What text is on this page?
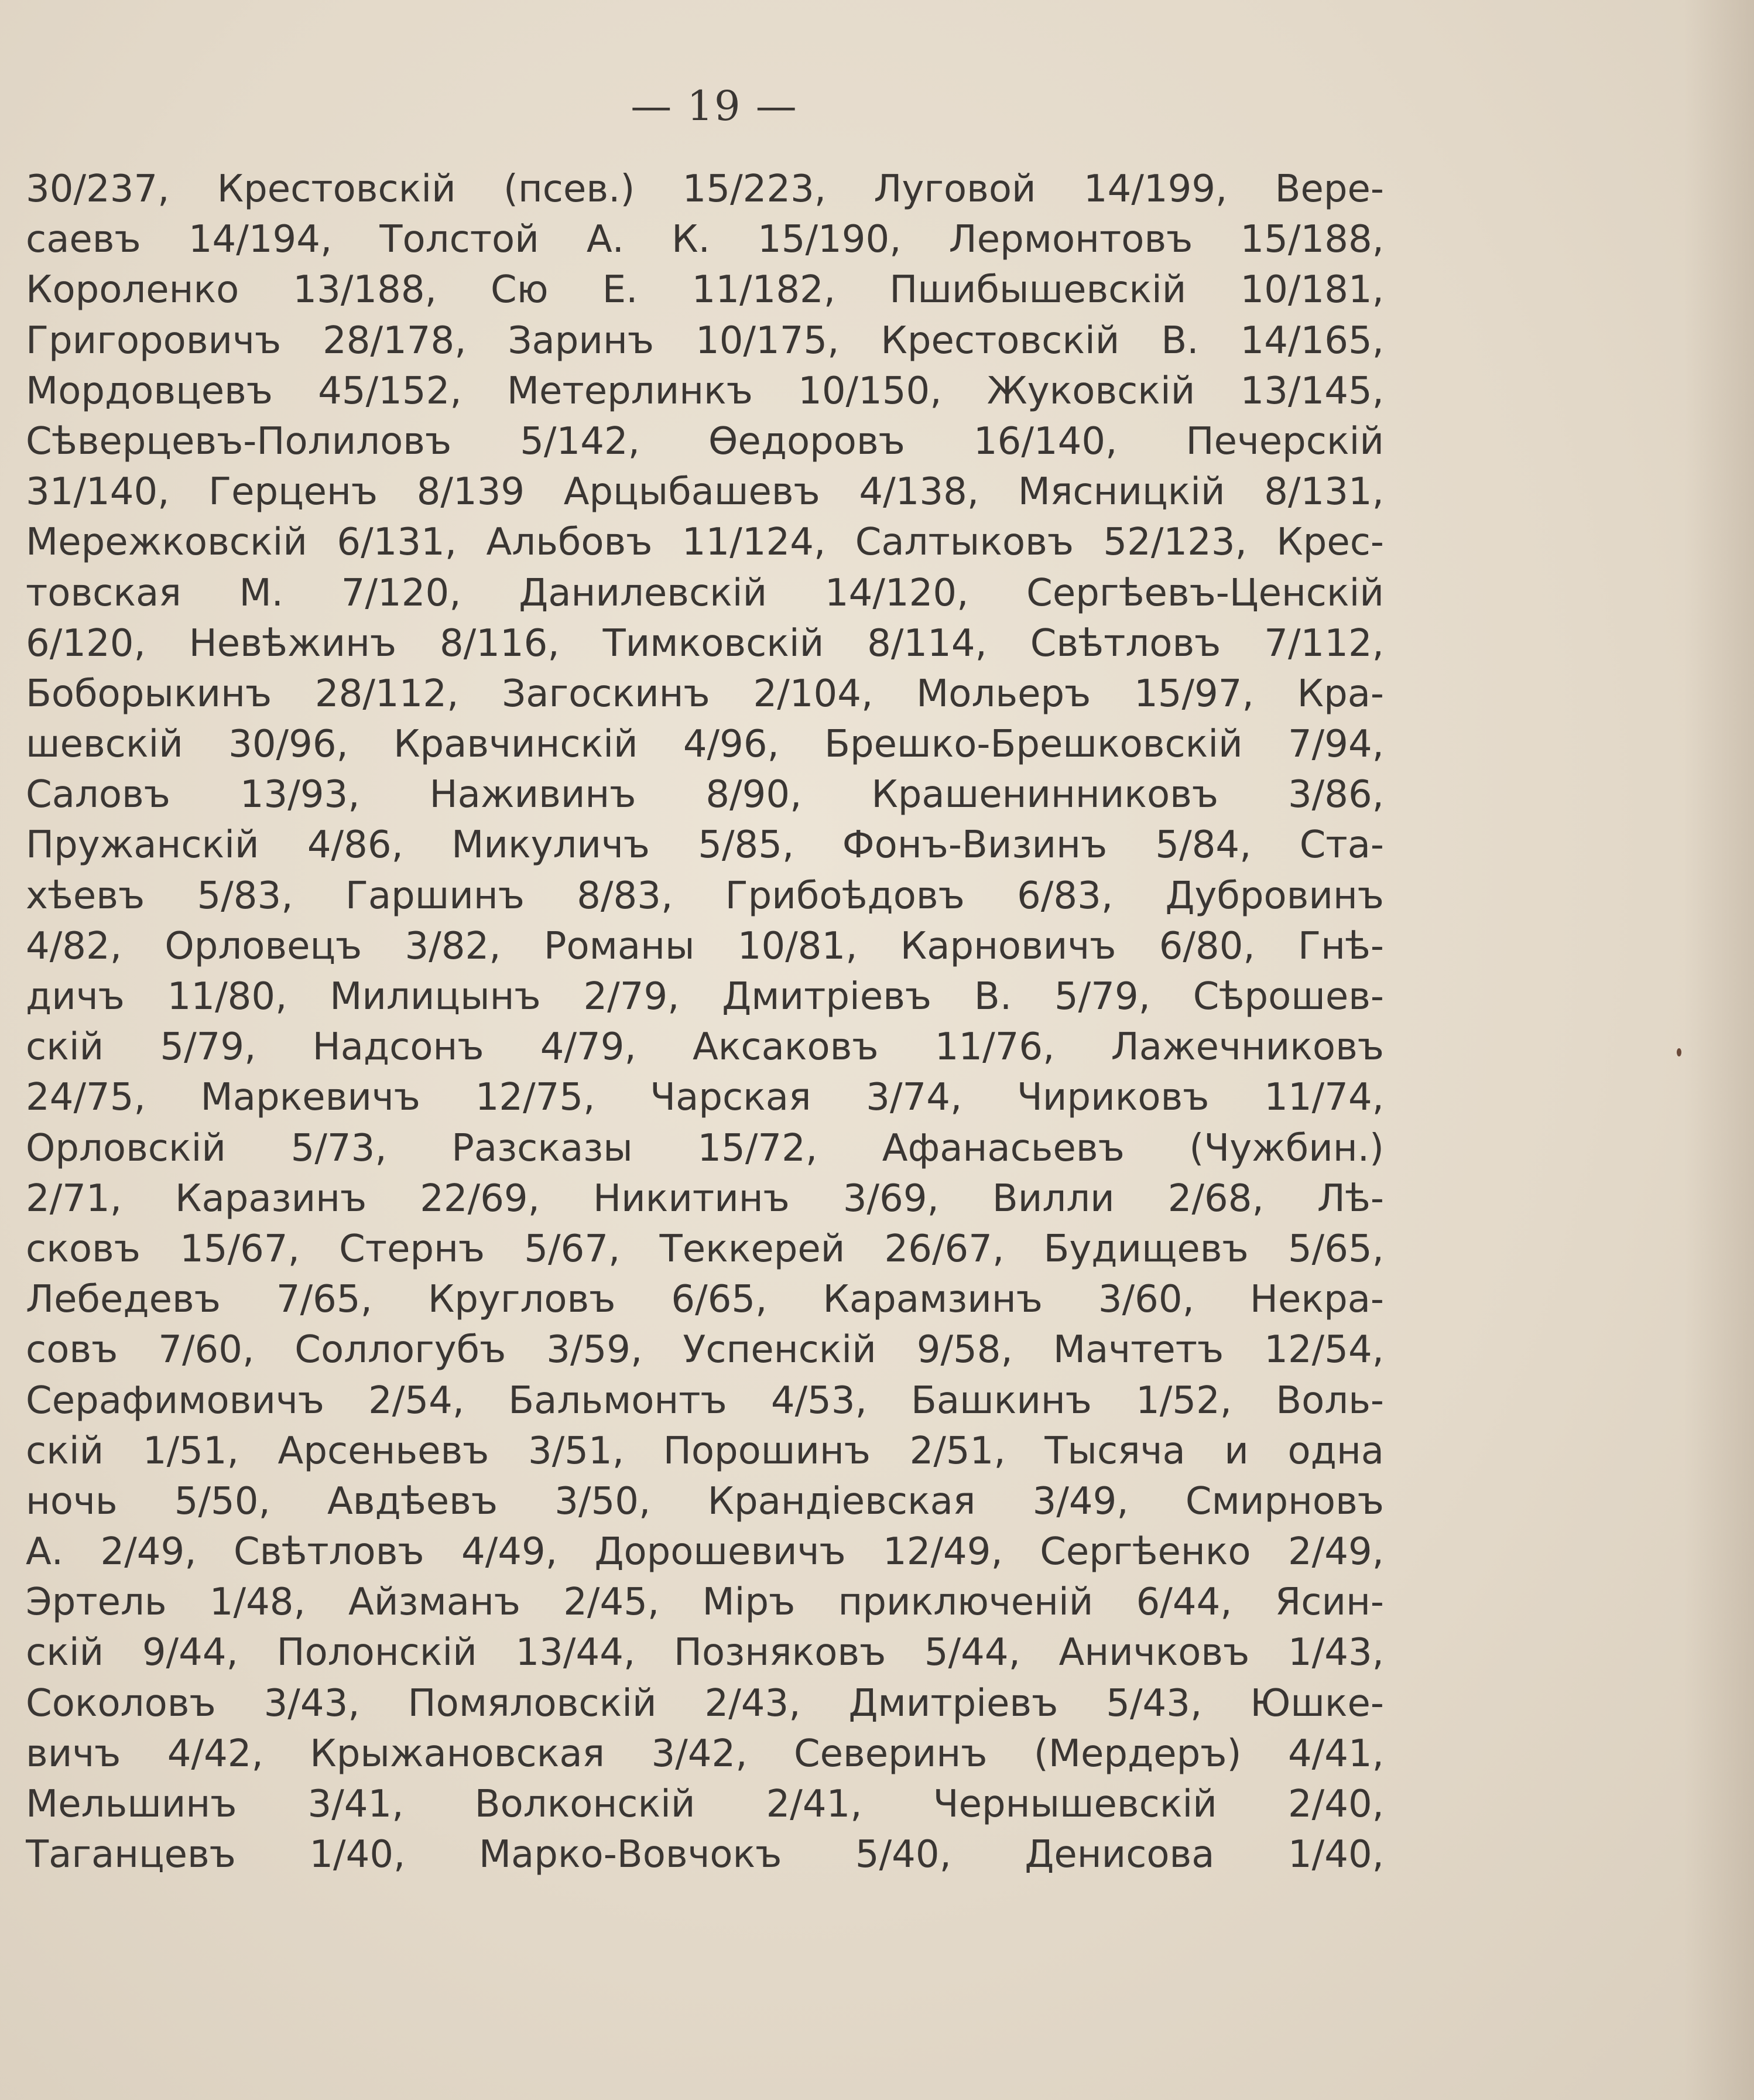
— 19 —
30/237, Крестовскій (псев.) 15/223, Луговой 14/199, Вере-
саевъ 14/194, Толстой А. К. 15/190, Лермонтовъ 15/188,
Короленко 13/188, Сю Е. 11/182, Пшибышевскій 10/181,
Григоровичъ 28/178, Заринъ 10/175, Крестовскій В. 14/165,
Мордовцевъ 45/152, Метерлинкъ 10/150, Жуковскій 13/145,
Сѣверцевъ-Полиловъ 5/142, Ѳедоровъ 16/140, Печерскій
31/140, Герценъ 8/139 Арцыбашевъ 4/138, Мясницкій 8/131,
Мережковскій 6/131, Альбовъ 11/124, Салтыковъ 52/123, Крес-
товская М. 7/120, Данилевскій 14/120, Сергѣевъ-Ценскій
6/120, Невѣжинъ 8/116, Тимковскій 8/114, Свѣтловъ 7/112,
Боборыкинъ 28/112, Загоскинъ 2/104, Мольеръ 15/97, Кра-
шевскій 30/96, Кравчинскій 4/96, Брешко-Брешковскій 7/94,
Саловъ 13/93, Наживинъ 8/90, Крашенинниковъ 3/86,
Пружанскій 4/86, Микуличъ 5/85, Фонъ-Визинъ 5/84, Ста-
хѣевъ 5/83, Гаршинъ 8/83, Грибоѣдовъ 6/83, Дубровинъ
4/82, Орловецъ 3/82, Романы 10/81, Карновичъ 6/80, Гнѣ-
дичъ 11/80, Милицынъ 2/79, Дмитріевъ В. 5/79, Сѣрошев-
скій 5/79, Надсонъ 4/79, Аксаковъ 11/76, Лажечниковъ
24/75, Маркевичъ 12/75, Чарская 3/74, Чириковъ 11/74,
Орловскій 5/73, Разсказы 15/72, Афанасьевъ (Чужбин.)
2/71, Каразинъ 22/69, Никитинъ 3/69, Вилли 2/68, Лѣ-
сковъ 15/67, Стернъ 5/67, Теккерей 26/67, Будищевъ 5/65,
Лебедевъ 7/65, Кругловъ 6/65, Карамзинъ 3/60, Некра-
совъ 7/60, Соллогубъ 3/59, Успенскій 9/58, Мачтетъ 12/54,
Серафимовичъ 2/54, Бальмонтъ 4/53, Башкинъ 1/52, Воль-
скій 1/51, Арсеньевъ 3/51, Порошинъ 2/51, Тысяча и одна
ночь 5/50, Авдѣевъ 3/50, Крандіевская 3/49, Смирновъ
А. 2/49, Свѣтловъ 4/49, Дорошевичъ 12/49, Сергѣенко 2/49,
Эртель 1/48, Айзманъ 2/45, Міръ приключеній 6/44, Ясин-
скій 9/44, Полонскій 13/44, Позняковъ 5/44, Аничковъ 1/43,
Соколовъ 3/43, Помяловскій 2/43, Дмитріевъ 5/43, Юшке-
вичъ 4/42, Крыжановская 3/42, Северинъ (Мердеръ) 4/41,
Мельшинъ 3/41, Волконскій 2/41, Чернышевскій 2/40,
Таганцевъ 1/40, Марко-Вовчокъ 5/40, Денисова 1/40,
